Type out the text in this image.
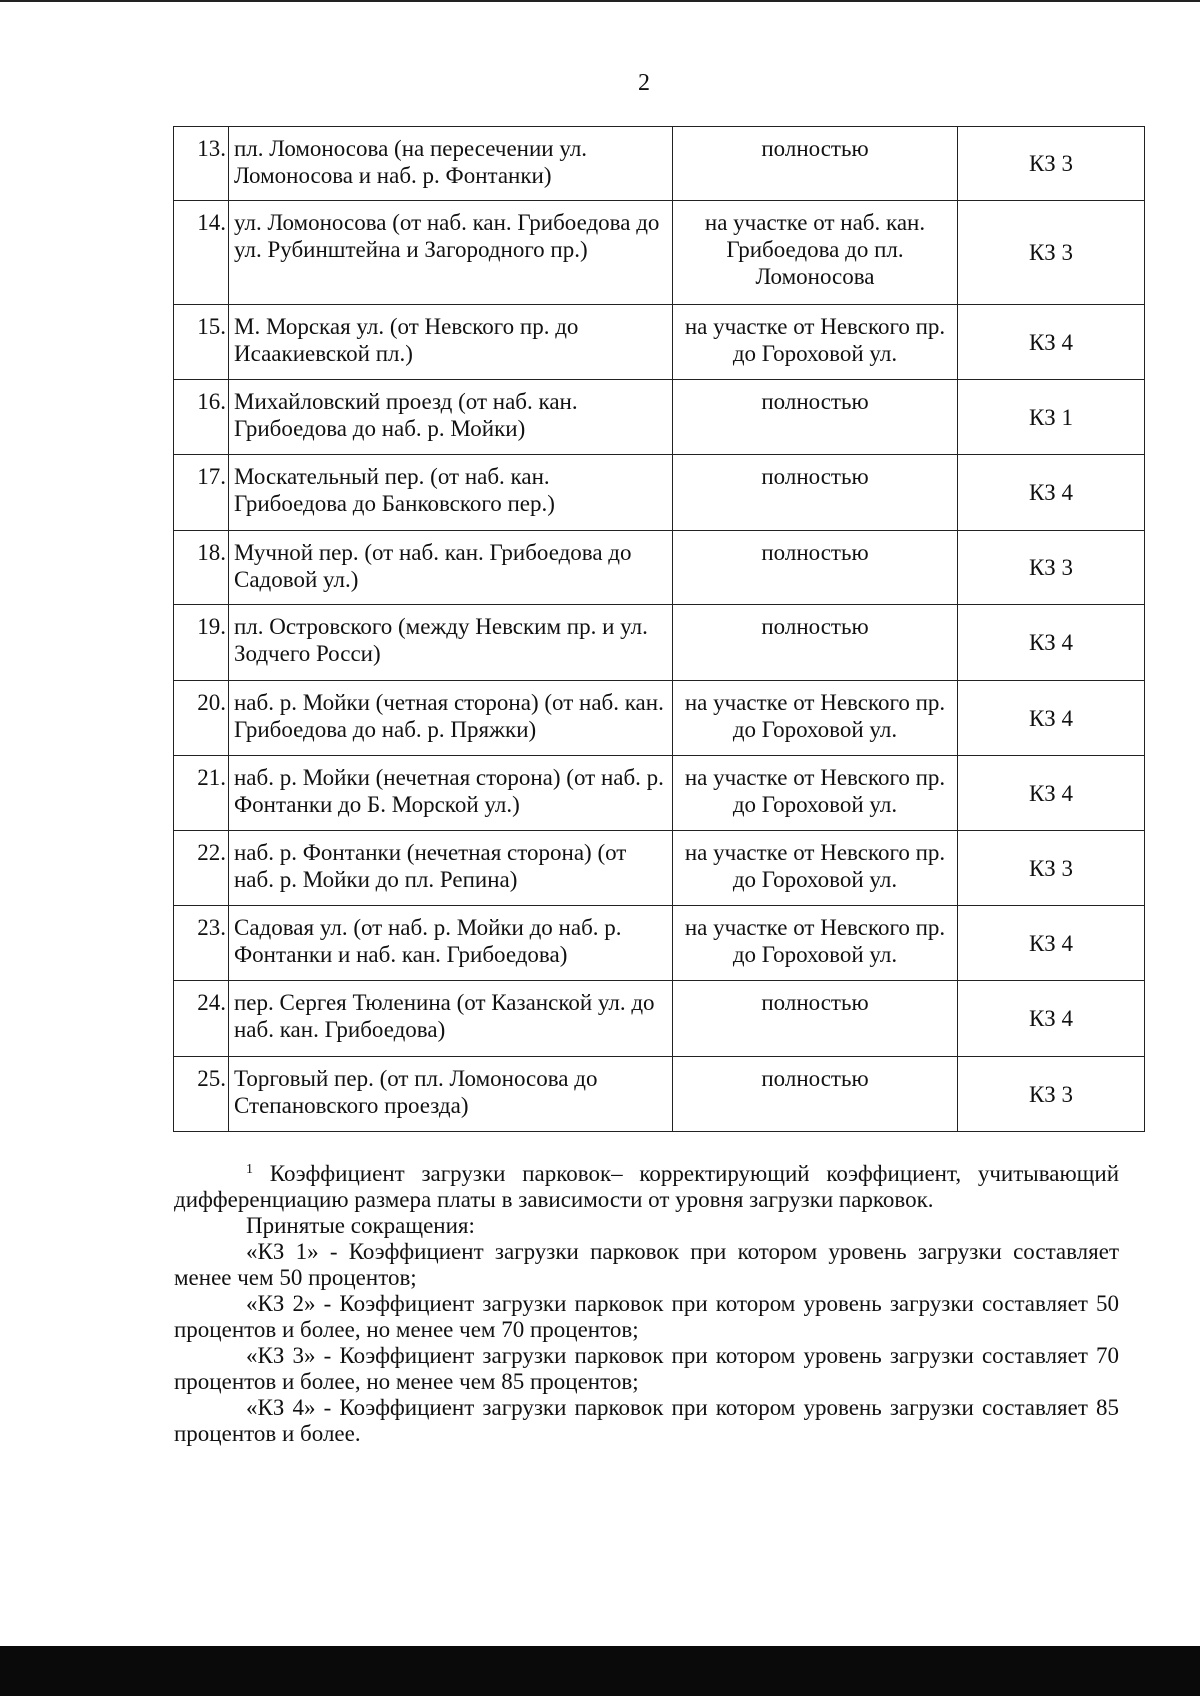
2
13.	пл. Ломоносова (на пересечении ул. Ломоносова и наб. р. Фонтанки)	полностью	КЗ 3
14.	ул. Ломоносова (от наб. кан. Грибоедова до ул. Рубинштейна и Загородного пр.)	на участке от наб. кан. Грибоедова до пл. Ломоносова	КЗ 3
15.	М. Морская ул. (от Невского пр. до Исаакиевской пл.)	на участке от Невского пр. до Гороховой ул.	КЗ 4
16.	Михайловский проезд (от наб. кан. Грибоедова до наб. р. Мойки)	полностью	КЗ 1
17.	Москательный пер. (от наб. кан. Грибоедова до Банковского пер.)	полностью	КЗ 4
18.	Мучной пер. (от наб. кан. Грибоедова до Садовой ул.)	полностью	КЗ 3
19.	пл. Островского (между Невским пр. и ул. Зодчего Росси)	полностью	КЗ 4
20.	наб. р. Мойки (четная сторона) (от наб. кан. Грибоедова до наб. р. Пряжки)	на участке от Невского пр. до Гороховой ул.	КЗ 4
21.	наб. р. Мойки (нечетная сторона) (от наб. р. Фонтанки до Б. Морской ул.)	на участке от Невского пр. до Гороховой ул.	КЗ 4
22.	наб. р. Фонтанки (нечетная сторона) (от наб. р. Мойки до пл. Репина)	на участке от Невского пр. до Гороховой ул.	КЗ 3
23.	Садовая ул. (от наб. р. Мойки до наб. р. Фонтанки и наб. кан. Грибоедова)	на участке от Невского пр. до Гороховой ул.	КЗ 4
24.	пер. Сергея Тюленина (от Казанской ул. до наб. кан. Грибоедова)	полностью	КЗ 4
25.	Торговый пер. (от пл. Ломоносова до Степановского проезда)	полностью	КЗ 3

$^1$ Коэффициент загрузки парковок– корректирующий коэффициент, учитывающий дифференциацию размера платы в зависимости от уровня загрузки парковок.

Принятые сокращения:

«КЗ 1» - Коэффициент загрузки парковок при котором уровень загрузки составляет менее чем 50 процентов;

«КЗ 2» - Коэффициент загрузки парковок при котором уровень загрузки составляет 50 процентов и более, но менее чем 70 процентов;

«КЗ 3» - Коэффициент загрузки парковок при котором уровень загрузки составляет 70 процентов и более, но менее чем 85 процентов;

«КЗ 4» - Коэффициент загрузки парковок при котором уровень загрузки составляет 85 процентов и более.
